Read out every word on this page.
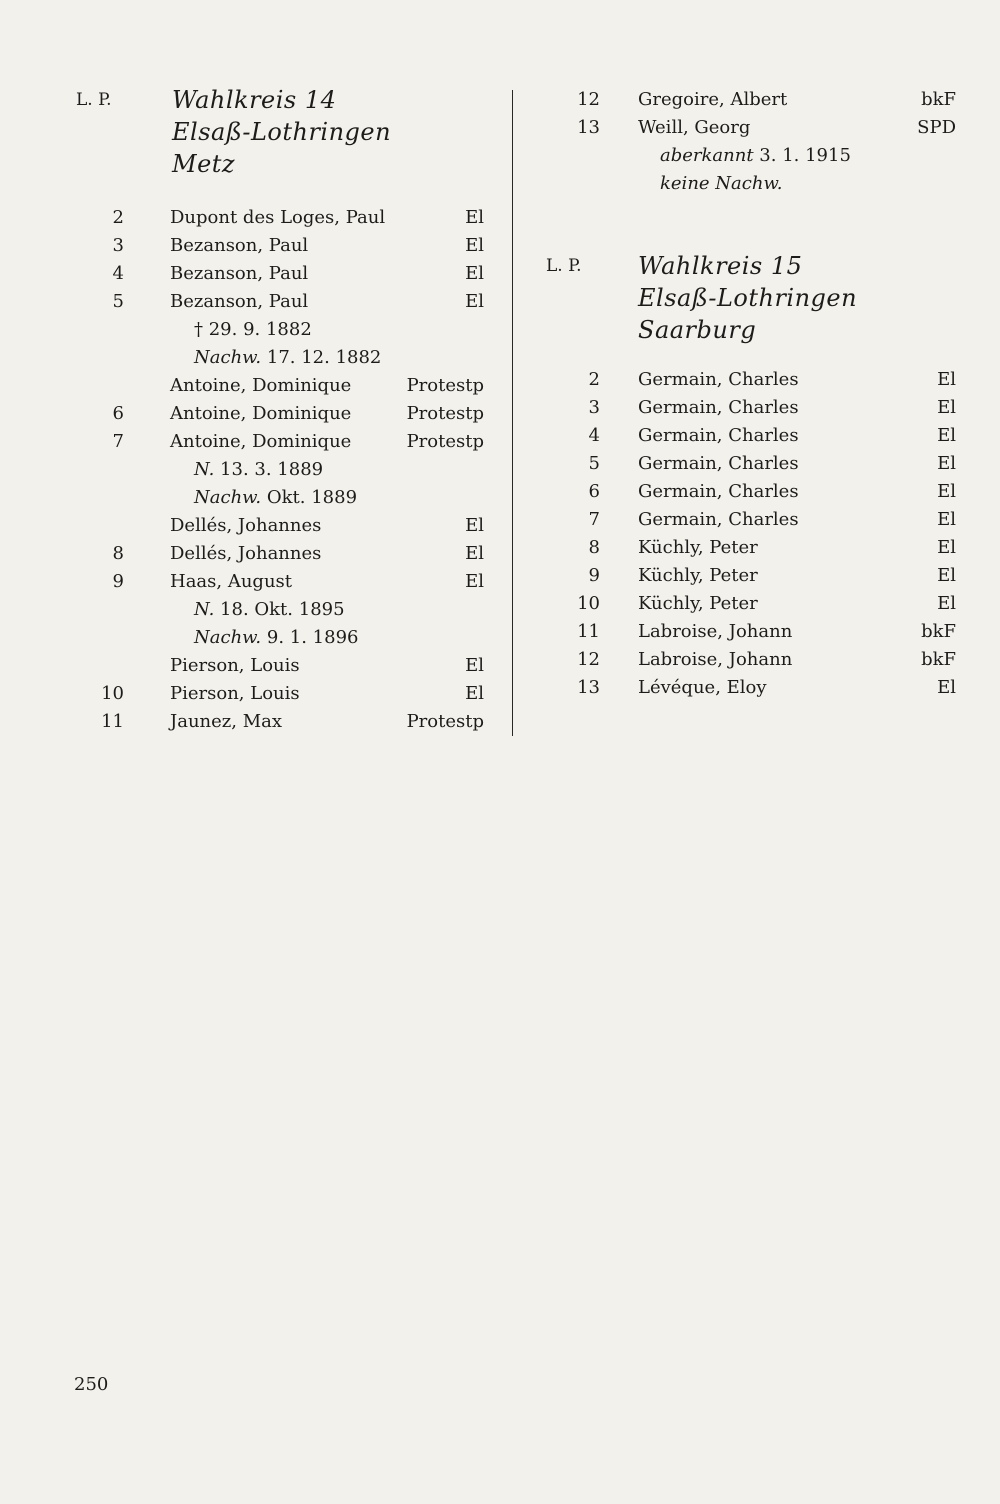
L. P.	Wahlkreis 14
Elsaß-Lothringen
Metz
2	Dupont des Loges, Paul	El
3	Bezanson, Paul	El
4	Bezanson, Paul	El
5	Bezanson, Paul	El
† 29. 9. 1882
Nachw. 17. 12. 1882
Antoine, Dominique	Protestp
6	Antoine, Dominique	Protestp
7	Antoine, Dominique	Protestp
N. 13. 3. 1889
Nachw. Okt. 1889
Dellés, Johannes	El
8	Dellés, Johannes	El
9	Haas, August	El
N. 18. Okt. 1895
Nachw. 9. 1. 1896
Pierson, Louis	El
10	Pierson, Louis	El
11	Jaunez, Max	Protestp
12 Gregoire, Albert	bkF
13 Weill, Georg	SPD
aberkannt 3. 1. 1915
keine Nachw.
L. P. Wahlkreis 15
Elsaß-Lothringen
Saarburg
2 Germain, Charles	El
3 Germain, Charles	El
4 Germain, Charles	El
5 Germain, Charles	El
6 Germain, Charles	El
7 Germain, Charles	El
8 Küchly, Peter	El
9 Küchly, Peter	El
10 Küchly, Peter	El
11 Labroise, Johann	bkF
12 Labroise, Johann	bkF
13 Lévéque, Eloy	El
250
